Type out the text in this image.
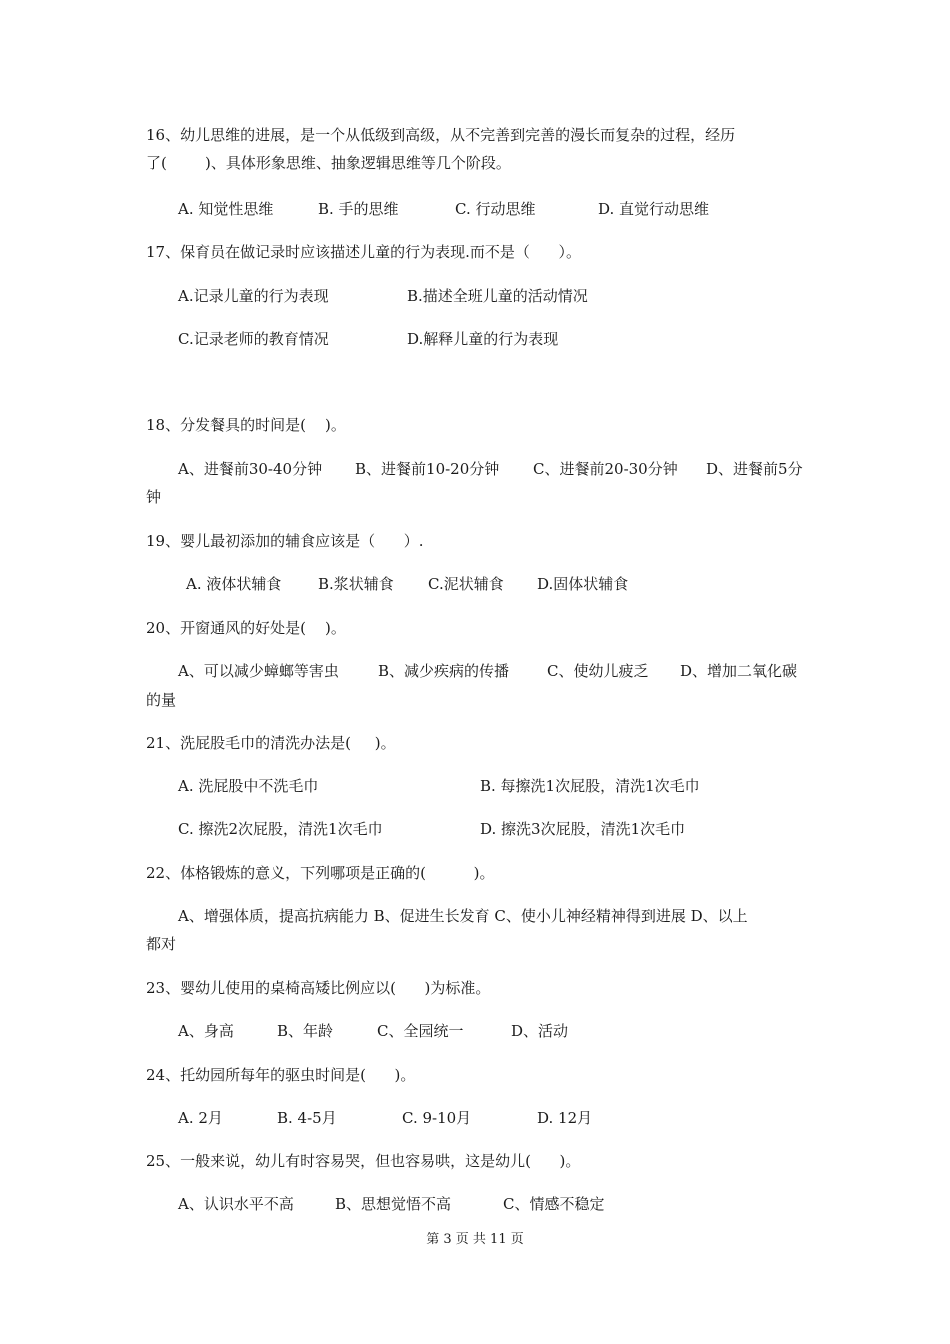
16、幼儿思维的进展，是一个从低级到高级，从不完善到完善的漫长而复杂的过程，经历
了(        )、具体形象思维、抽象逻辑思维等几个阶段。
A. 知觉性思维	B. 手的思维	C. 行动思维	D. 直觉行动思维
17、保育员在做记录时应该描述儿童的行为表现.而不是（      ）。
A.记录儿童的行为表现	B.描述全班儿童的活动情况
C.记录老师的教育情况	D.解释儿童的行为表现
18、分发餐具的时间是(    )。
A、进餐前30-40分钟 B、进餐前10-20分钟 C、进餐前20-30分钟 D、进餐前5分
钟
19、婴儿最初添加的辅食应该是（      ）.
A. 液体状辅食 B.浆状辅食 C.泥状辅食 D.固体状辅食
20、开窗通风的好处是(    )。
A、可以减少蟑螂等害虫	B、减少疾病的传播	C、使幼儿疲乏 D、增加二氧化碳
的量
21、洗屁股毛巾的清洗办法是(     )。
A. 洗屁股中不洗毛巾	B. 每擦洗1次屁股，清洗1次毛巾
C. 擦洗2次屁股，清洗1次毛巾	D. 擦洗3次屁股，清洗1次毛巾
22、体格锻炼的意义，下列哪项是正确的(          )。
A、增强体质，提高抗病能力 B、促进生长发育 C、使小儿神经精神得到进展 D、以上
都对
23、婴幼儿使用的桌椅高矮比例应以(      )为标准。
A、身高	B、年龄	C、全园统一	D、活动
24、托幼园所每年的驱虫时间是(      )。
A. 2月	B. 4-5月	C. 9-10月	D. 12月
25、一般来说，幼儿有时容易哭，但也容易哄，这是幼儿(      )。
A、认识水平不高	B、思想觉悟不高	C、情感不稳定
第 3 页 共 11 页
